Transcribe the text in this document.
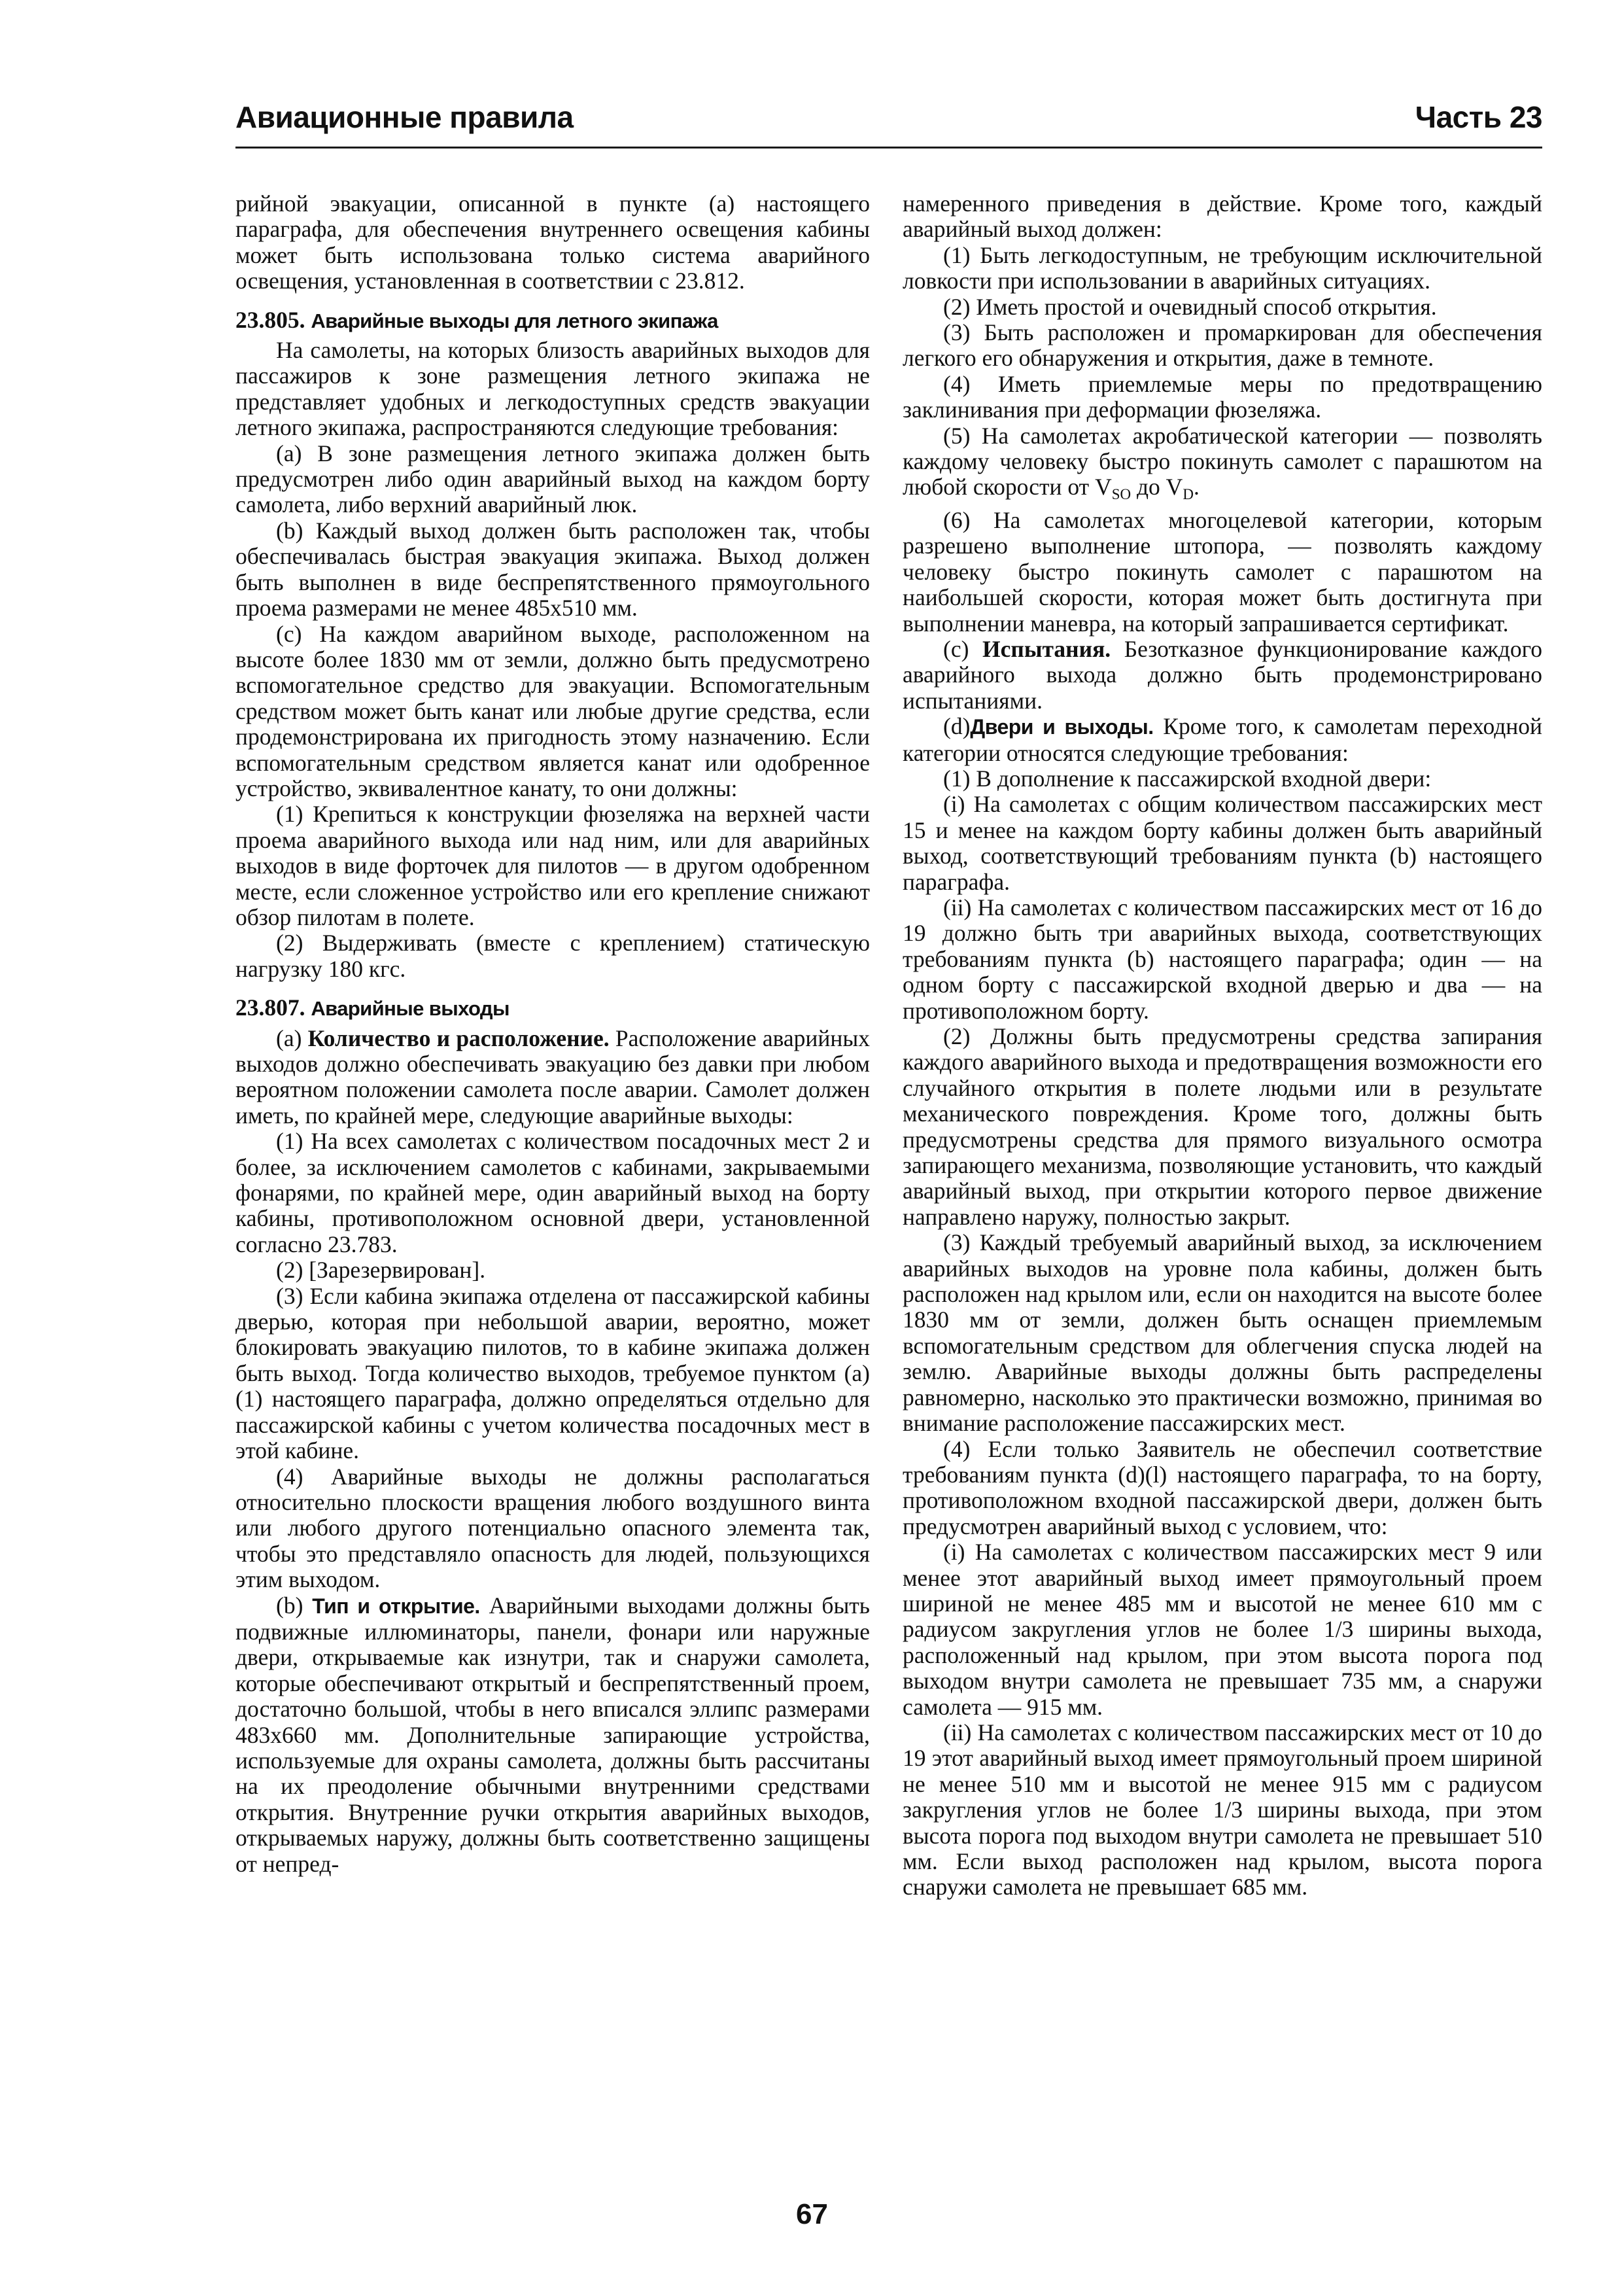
Авиационные правила	Часть 23

рийной эвакуации, описанной в пункте (а) настоящего параграфа, для обеспечения внутреннего освещения кабины может быть использована только система аварийного освещения, установленная в соответствии с 23.812.

23.805. Аварийные выходы для летного экипажа

На самолеты, на которых близость аварийных выходов для пассажиров к зоне размещения летного экипажа не представляет удобных и легкодоступных средств эвакуации летного экипажа, распространяются следующие требования:

(а) В зоне размещения летного экипажа должен быть предусмотрен либо один аварийный выход на каждом борту самолета, либо верхний аварийный люк.

(b) Каждый выход должен быть расположен так, чтобы обеспечивалась быстрая эвакуация экипажа. Выход должен быть выполнен в виде беспрепятственного прямоугольного проема размерами не менее 485х510 мм.

(с) На каждом аварийном выходе, расположенном на высоте более 1830 мм от земли, должно быть предусмотрено вспомогательное средство для эвакуации. Вспомогательным средством может быть канат или любые другие средства, если продемонстрирована их пригодность этому назначению. Если вспомогательным средством является канат или одобренное устройство, эквивалентное канату, то они должны:

(1) Крепиться к конструкции фюзеляжа на верхней части проема аварийного выхода или над ним, или для аварийных выходов в виде форточек для пилотов — в другом одобренном месте, если сложенное устройство или его крепление снижают обзор пилотам в полете.

(2) Выдерживать (вместе с креплением) статическую нагрузку 180 кгс.

23.807. Аварийные выходы

(а) Количество и расположение. Расположение аварийных выходов должно обеспечивать эвакуацию без давки при любом вероятном положении самолета после аварии. Самолет должен иметь, по крайней мере, следующие аварийные выходы:

(1) На всех самолетах с количеством посадочных мест 2 и более, за исключением самолетов с кабинами, закрываемыми фонарями, по крайней мере, один аварийный выход на борту кабины, противоположном основной двери, установленной согласно 23.783.

(2) [Зарезервирован].

(3) Если кабина экипажа отделена от пассажирской кабины дверью, которая при небольшой аварии, вероятно, может блокировать эвакуацию пилотов, то в кабине экипажа должен быть выход. Тогда количество выходов, требуемое пунктом (а)(1) настоящего параграфа, должно определяться отдельно для пассажирской кабины с учетом количества посадочных мест в этой кабине.

(4) Аварийные выходы не должны располагаться относительно плоскости вращения любого воздушного винта или любого другого потенциально опасного элемента так, чтобы это представляло опасность для людей, пользующихся этим выходом.

(b) Тип и открытие. Аварийными выходами должны быть подвижные иллюминаторы, панели, фонари или наружные двери, открываемые как изнутри, так и снаружи самолета, которые обеспечивают открытый и беспрепятственный проем, достаточно большой, чтобы в него вписался эллипс размерами 483х660 мм. Дополнительные запирающие устройства, используемые для охраны самолета, должны быть рассчитаны на их преодоление обычными внутренними средствами открытия. Внутренние ручки открытия аварийных выходов, открываемых наружу, должны быть соответственно защищены от непред-

намеренного приведения в действие. Кроме того, каждый аварийный выход должен:

(1) Быть легкодоступным, не требующим исключительной ловкости при использовании в аварийных ситуациях.

(2) Иметь простой и очевидный способ открытия.

(3) Быть расположен и промаркирован для обеспечения легкого его обнаружения и открытия, даже в темноте.

(4) Иметь приемлемые меры по предотвращению заклинивания при деформации фюзеляжа.

(5) На самолетах акробатической категории — позволять каждому человеку быстро покинуть самолет с парашютом на любой скорости от $V_{SO}$ до $V_D$.

(6) На самолетах многоцелевой категории, которым разрешено выполнение штопора, — позволять каждому человеку быстро покинуть самолет с парашютом на наибольшей скорости, которая может быть достигнута при выполнении маневра, на который запрашивается сертификат.

(с) Испытания. Безотказное функционирование каждого аварийного выхода должно быть продемонстрировано испытаниями.

(d)Двери и выходы. Кроме того, к самолетам переходной категории относятся следующие требования:

(1) В дополнение к пассажирской входной двери:

(i) На самолетах с общим количеством пассажирских мест 15 и менее на каждом борту кабины должен быть аварийный выход, соответствующий требованиям пункта (b) настоящего параграфа.

(ii) На самолетах с количеством пассажирских мест от 16 до 19 должно быть три аварийных выхода, соответствующих требованиям пункта (b) настоящего параграфа; один — на одном борту с пассажирской входной дверью и два — на противоположном борту.

(2) Должны быть предусмотрены средства запирания каждого аварийного выхода и предотвращения возможности его случайного открытия в полете людьми или в результате механического повреждения. Кроме того, должны быть предусмотрены средства для прямого визуального осмотра запирающего механизма, позволяющие установить, что каждый аварийный выход, при открытии которого первое движение направлено наружу, полностью закрыт.

(3) Каждый требуемый аварийный выход, за исключением аварийных выходов на уровне пола кабины, должен быть расположен над крылом или, если он находится на высоте более 1830 мм от земли, должен быть оснащен приемлемым вспомогательным средством для облегчения спуска людей на землю. Аварийные выходы должны быть распределены равномерно, насколько это практически возможно, принимая во внимание расположение пассажирских мест.

(4) Если только Заявитель не обеспечил соответствие требованиям пункта (d)(l) настоящего параграфа, то на борту, противоположном входной пассажирской двери, должен быть предусмотрен аварийный выход с условием, что:

(i) На самолетах с количеством пассажирских мест 9 или менее этот аварийный выход имеет прямоугольный проем шириной не менее 485 мм и высотой не менее 610 мм с радиусом закругления углов не более 1/3 ширины выхода, расположенный над крылом, при этом высота порога под выходом внутри самолета не превышает 735 мм, а снаружи самолета — 915 мм.

(ii) На самолетах с количеством пассажирских мест от 10 до 19 этот аварийный выход имеет прямоугольный проем шириной не менее 510 мм и высотой не менее 915 мм с радиусом закругления углов не более 1/3 ширины выхода, при этом высота порога под выходом внутри самолета не превышает 510 мм. Если выход расположен над крылом, высота порога снаружи самолета не превышает 685 мм.

67
